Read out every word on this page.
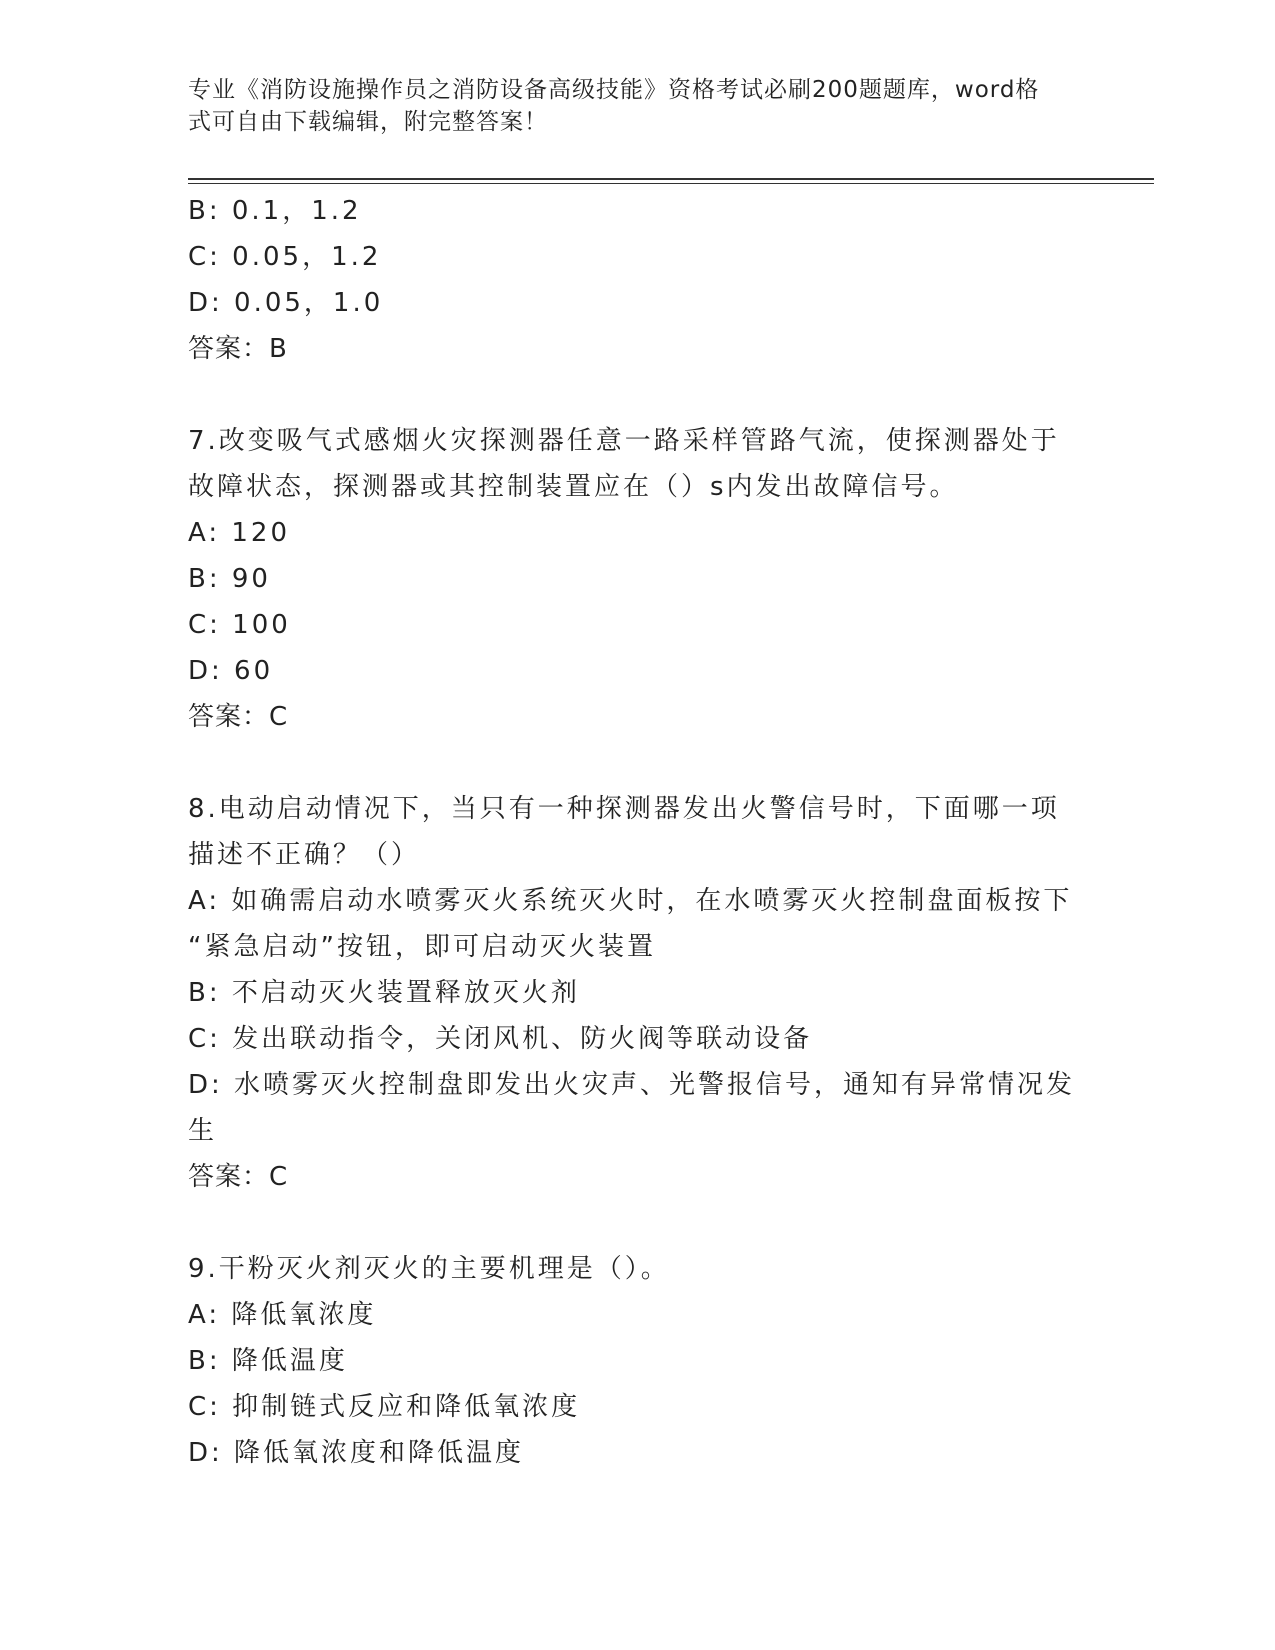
专业《消防设施操作员之消防设备高级技能》资格考试必刷200题题库，word格
式可自由下载编辑，附完整答案！
B: 0.1，1.2
C: 0.05，1.2
D: 0.05，1.0
答案：B
7.改变吸气式感烟火灾探测器任意一路采样管路气流，使探测器处于
故障状态，探测器或其控制装置应在（）s内发出故障信号。
A: 120
B: 90
C: 100
D: 60
答案：C
8.电动启动情况下，当只有一种探测器发出火警信号时，下面哪一项
描述不正确？（）
A: 如确需启动水喷雾灭火系统灭火时，在水喷雾灭火控制盘面板按下
“紧急启动”按钮，即可启动灭火装置
B: 不启动灭火装置释放灭火剂
C: 发出联动指令，关闭风机、防火阀等联动设备
D: 水喷雾灭火控制盘即发出火灾声、光警报信号，通知有异常情况发
生
答案：C
9.干粉灭火剂灭火的主要机理是（）。
A: 降低氧浓度
B: 降低温度
C: 抑制链式反应和降低氧浓度
D: 降低氧浓度和降低温度
